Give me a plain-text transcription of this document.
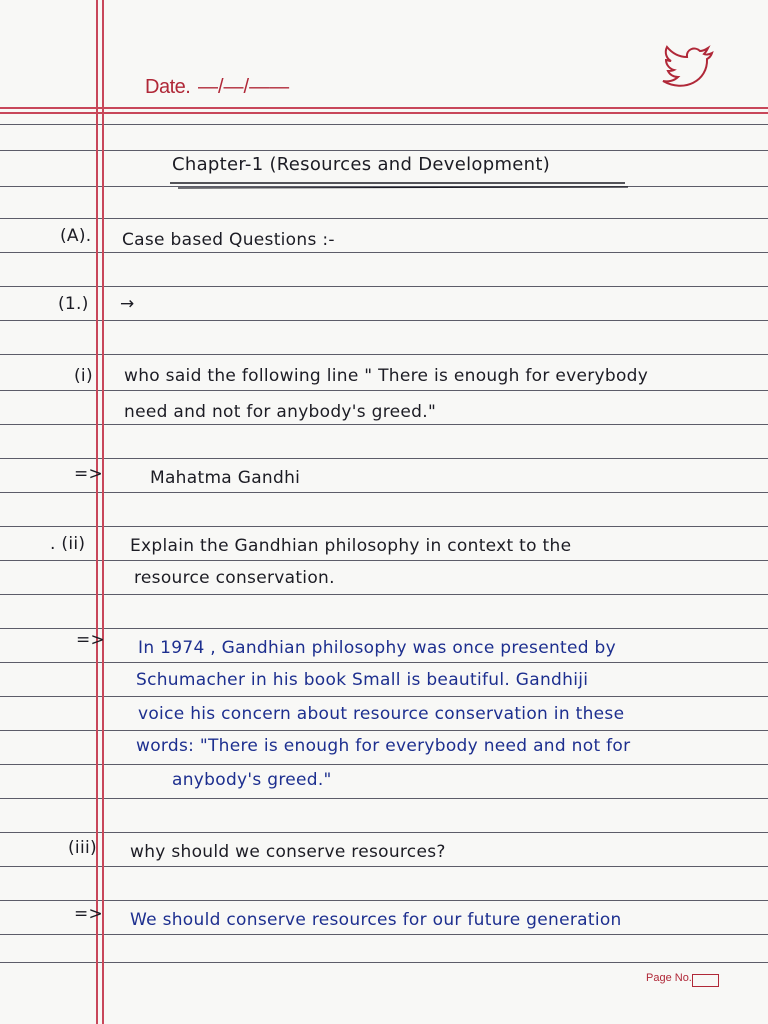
Date. —/—/——
Chapter-1 (Resources and Development)
(A). Case based Questions :-
(1.) →
(i) who said the following line " There is enough for everybody
need and not for anybody's greed."
=>	Mahatma Gandhi
. (ii)	Explain the Gandhian philosophy in context to the
resource conservation.
=> In 1974 , Gandhian philosophy was once presented by
Schumacher in his book Small is beautiful. Gandhiji
voice his concern about resource conservation in these
words: "There is enough for everybody need and not for
anybody's greed."
(iii) why should we conserve resources?
=> We should conserve resources for our future generation
Page No.
